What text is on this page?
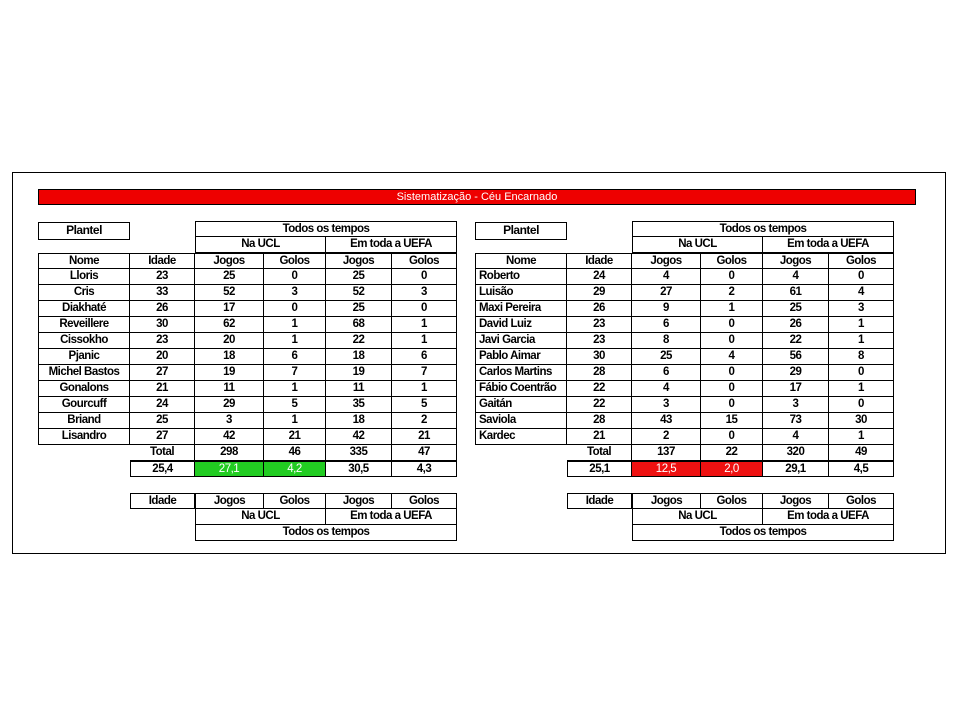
Sistematização - Céu Encarnado
Plantel	Todos os tempos
Na UCL	Em toda a UEFA
Nome	Idade	Jogos	Golos	Jogos	Golos
Lloris	23	25	0	25	0
Cris	33	52	3	52	3
Diakhaté	26	17	0	25	0
Reveillere	30	62	1	68	1
Cissokho	23	20	1	22	1
Pjanic	20	18	6	18	6
Michel Bastos	27	19	7	19	7
Gonalons	21	11	1	11	1
Gourcuff	24	29	5	35	5
Briand	25	3	1	18	2
Lisandro	27	42	21	42	21
Total	298	46	335	47
25,4	27,1	4,2	30,5	4,3
Idade	Jogos	Golos	Jogos	Golos
Na UCL	Em toda a UEFA
Todos os tempos
Plantel	Todos os tempos
Na UCL	Em toda a UEFA
Nome	Idade	Jogos	Golos	Jogos	Golos
Roberto	24	4	0	4	0
Luisão	29	27	2	61	4
Maxi Pereira	26	9	1	25	3
David Luiz	23	6	0	26	1
Javi Garcia	23	8	0	22	1
Pablo Aimar	30	25	4	56	8
Carlos Martins	28	6	0	29	0
Fábio Coentrão	22	4	0	17	1
Gaitán	22	3	0	3	0
Saviola	28	43	15	73	30
Kardec	21	2	0	4	1
Total	137	22	320	49
25,1	12,5	2,0	29,1	4,5
Idade	Jogos	Golos	Jogos	Golos
Na UCL	Em toda a UEFA
Todos os tempos
